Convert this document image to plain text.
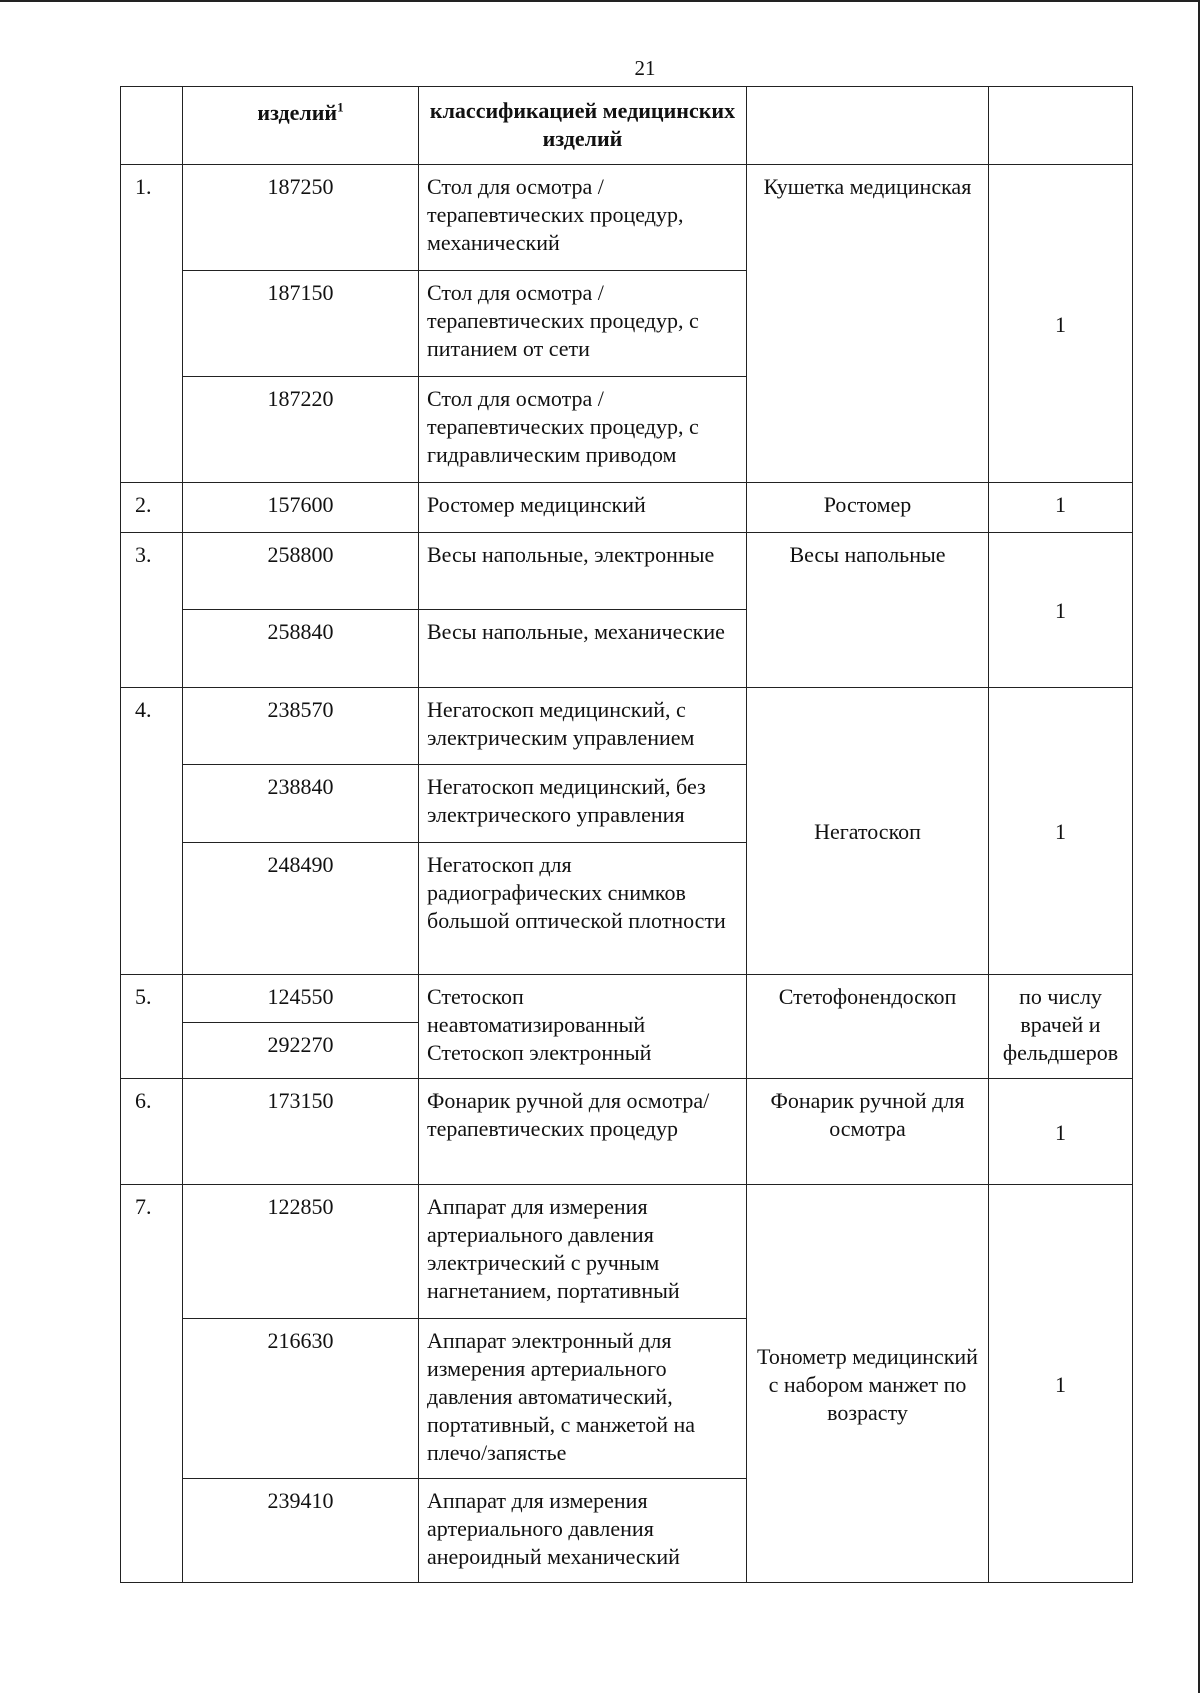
21
	изделий$^1$	классификацией медицинских изделий		
1.	187250	Стол для осмотра / терапевтических процедур, механический	Кушетка медицинская	1
	187150	Стол для осмотра / терапевтических процедур, с питанием от сети		
	187220	Стол для осмотра / терапевтических процедур, с гидравлическим приводом		
2.	157600	Ростомер медицинский	Ростомер	1
3.	258800	Весы напольные, электронные	Весы напольные	1
	258840	Весы напольные, механические		
4.	238570	Негатоскоп медицинский, с электрическим управлением	Негатоскоп	1
	238840	Негатоскоп медицинский, без электрического управления		
	248490	Негатоскоп для радиографических снимков большой оптической плотности		
5.	124550	Стетоскоп неавтоматизированный Стетоскоп электронный	Стетофонендоскоп	по числу врачей и фельдшеров
	292270			
6.	173150	Фонарик ручной для осмотра/терапевтических процедур	Фонарик ручной для осмотра	1
7.	122850	Аппарат для измерения артериального давления электрический с ручным нагнетанием, портативный	Тонометр медицинский с набором манжет по возрасту	1
	216630	Аппарат электронный для измерения артериального давления автоматический, портативный, с манжетой на плечо/запястье		
	239410	Аппарат для измерения артериального давления анероидный механический		
